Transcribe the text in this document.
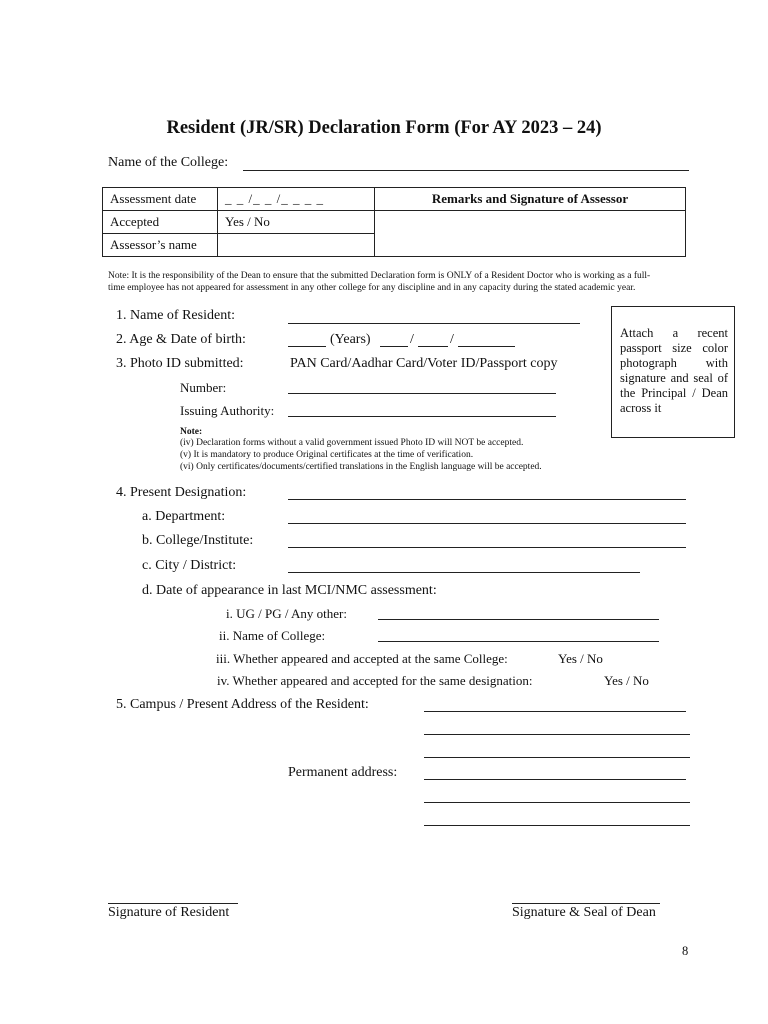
Resident (JR/SR) Declaration Form (For AY 2023 – 24)
Name of the College:
Assessment date	_ _ /_ _ /_ _ _ _	Remarks and Signature of Assessor
Accepted	Yes / No	
Assessor’s name		
Note: It is the responsibility of the Dean to ensure that the submitted Declaration form is ONLY of a Resident Doctor who is working as a full-
time employee has not appeared for assessment in any other college for any discipline and in any capacity during the stated academic year.
1. Name of Resident:
2. Age & Date of birth:	(Years)	/	/
3. Photo ID submitted:	PAN Card/Aadhar Card/Voter ID/Passport copy
Number:
Issuing Authority:
Attach a recent passport size color photograph with signature and seal of the Principal / Dean across it
Note:
(iv) Declaration forms without a valid government issued Photo ID will NOT be accepted.
(v) It is mandatory to produce Original certificates at the time of verification.
(vi) Only certificates/documents/certified translations in the English language will be accepted.
4. Present Designation:
a. Department:
b. College/Institute:
c. City / District:
d. Date of appearance in last MCI/NMC assessment:
i. UG / PG / Any other:
ii. Name of College:
iii. Whether appeared and accepted at the same College:	Yes / No
iv. Whether appeared and accepted for the same designation:	Yes / No
5. Campus / Present Address of the Resident:
Permanent address:
Signature of Resident	Signature & Seal of Dean
8
